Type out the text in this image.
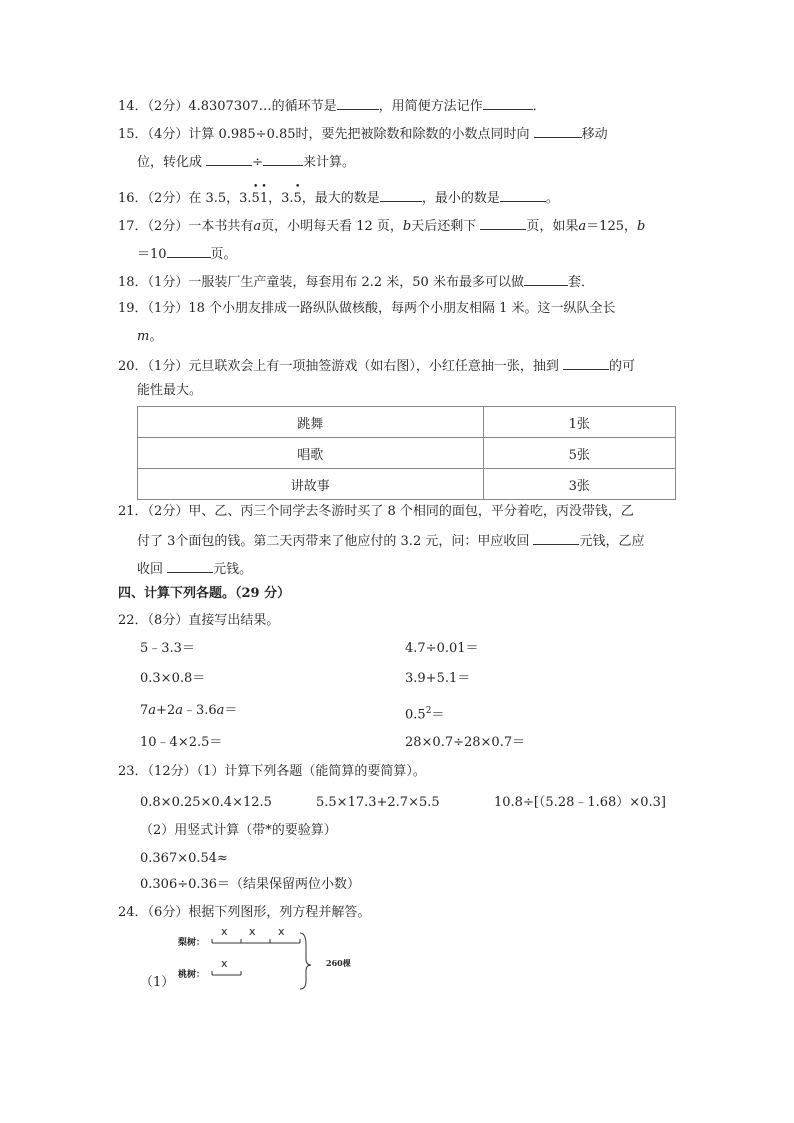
14．（2分）4.8307307…的循环节是	，用简便方法记作	．
15．（4分）计算 0.985÷0.85时，要先把被除数和除数的小数点同时向	移动
位，转化成	÷	来计算。
16．（2分）在 3.5，3.
•
5
•
1，3.
•
5，最大的数是	，最小的数是	。
17．（2分）一本书共有a页，小明每天看 12 页，b天后还剩下	页，如果a＝125，b
＝10	页。
18．（1分）一服装厂生产童装，每套用布 2.2 米，50 米布最多可以做	套．
19．（1分）18 个小朋友排成一路纵队做核酸，每两个小朋友相隔 1 米。这一纵队全长
m。
20．（1分）元旦联欢会上有一项抽签游戏（如右图），小红任意抽一张，抽到	的可
能性最大。
跳舞	1张
唱歌	5张
讲故事	3张
21．（2分）甲、乙、丙三个同学去冬游时买了 8 个相同的面包，平分着吃，丙没带钱，乙
付了 3个面包的钱。第二天丙带来了他应付的 3.2 元，问：甲应收回	元钱，乙应
收回	元钱。
四、计算下列各题。（29 分）
22．（8分）直接写出结果。
5﹣3.3＝	4.7÷0.01＝
0.3×0.8＝	3.9+5.1＝
7a+2a﹣3.6a＝	$0.5^2=$
10﹣4×2.5＝	28×0.7÷28×0.7＝
23．（12分）（1）计算下列各题（能简算的要简算）。
0.8×0.25×0.4×12.5	5.5×17.3+2.7×5.5	10.8÷[（5.28﹣1.68）×0.3]
（2）用竖式计算（带*的要验算）
0.367×0.54≈
0.306÷0.36＝（结果保留两位小数）
24．（6分）根据下列图形，列方程并解答。
梨树：
桃树：
x x x
x	260棵
（1）
